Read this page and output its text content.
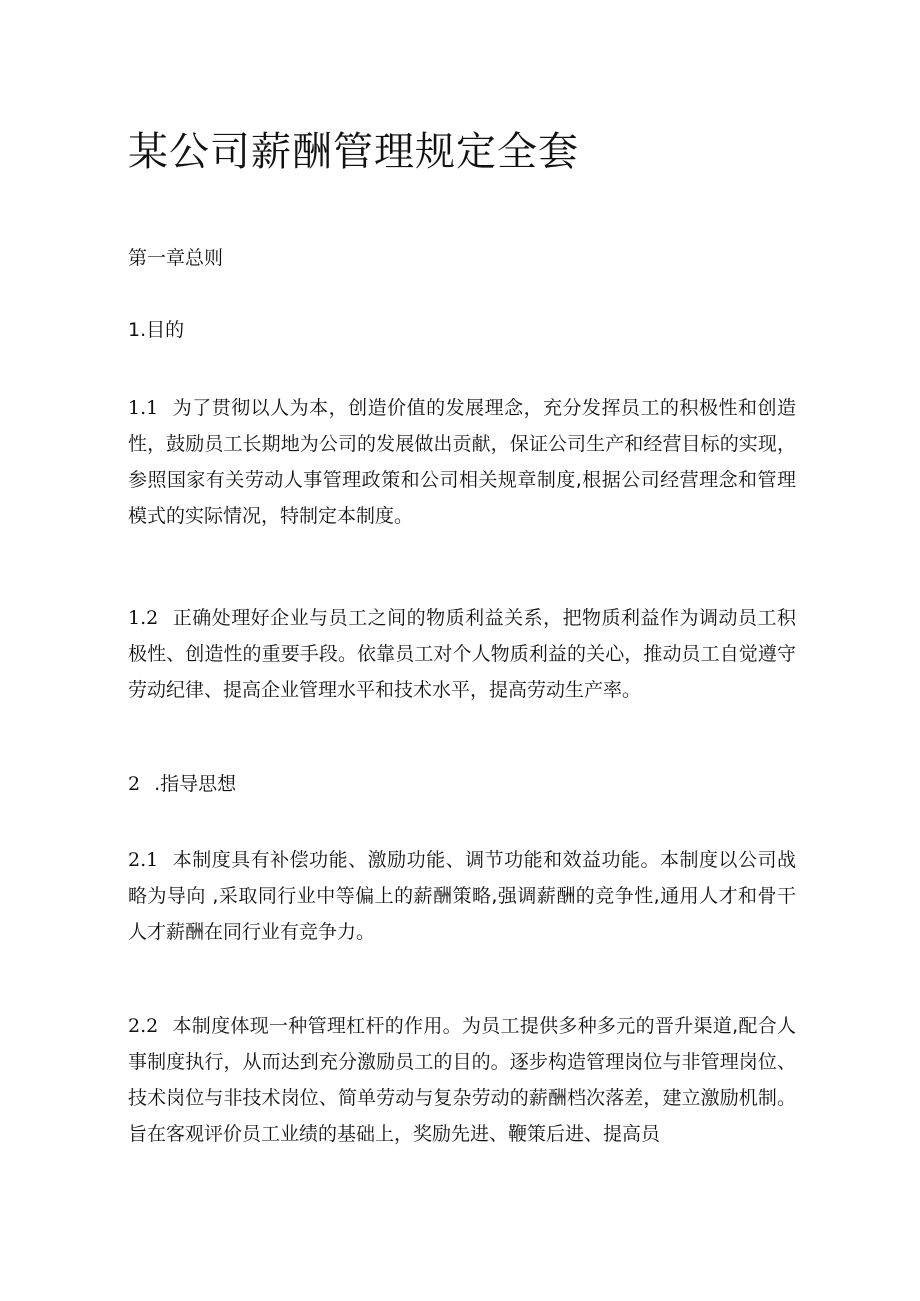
某公司薪酬管理规定全套

第一章总则

1.目的

1.1 为了贯彻以人为本，创造价值的发展理念，充分发挥员工的积极性和创造性，鼓励员工长期地为公司的发展做出贡献，保证公司生产和经营目标的实现，参照国家有关劳动人事管理政策和公司相关规章制度,根据公司经营理念和管理模式的实际情况，特制定本制度。

1.2 正确处理好企业与员工之间的物质利益关系，把物质利益作为调动员工积极性、创造性的重要手段。依靠员工对个人物质利益的关心，推动员工自觉遵守劳动纪律、提高企业管理水平和技术水平，提高劳动生产率。

2 .指导思想

2.1 本制度具有补偿功能、激励功能、调节功能和效益功能。本制度以公司战略为导向 ,采取同行业中等偏上的薪酬策略,强调薪酬的竞争性,通用人才和骨干人才薪酬在同行业有竞争力。

2.2 本制度体现一种管理杠杆的作用。为员工提供多种多元的晋升渠道,配合人事制度执行，从而达到充分激励员工的目的。逐步构造管理岗位与非管理岗位、技术岗位与非技术岗位、简单劳动与复杂劳动的薪酬档次落差，建立激励机制。旨在客观评价员工业绩的基础上，奖励先进、鞭策后进、提高员
